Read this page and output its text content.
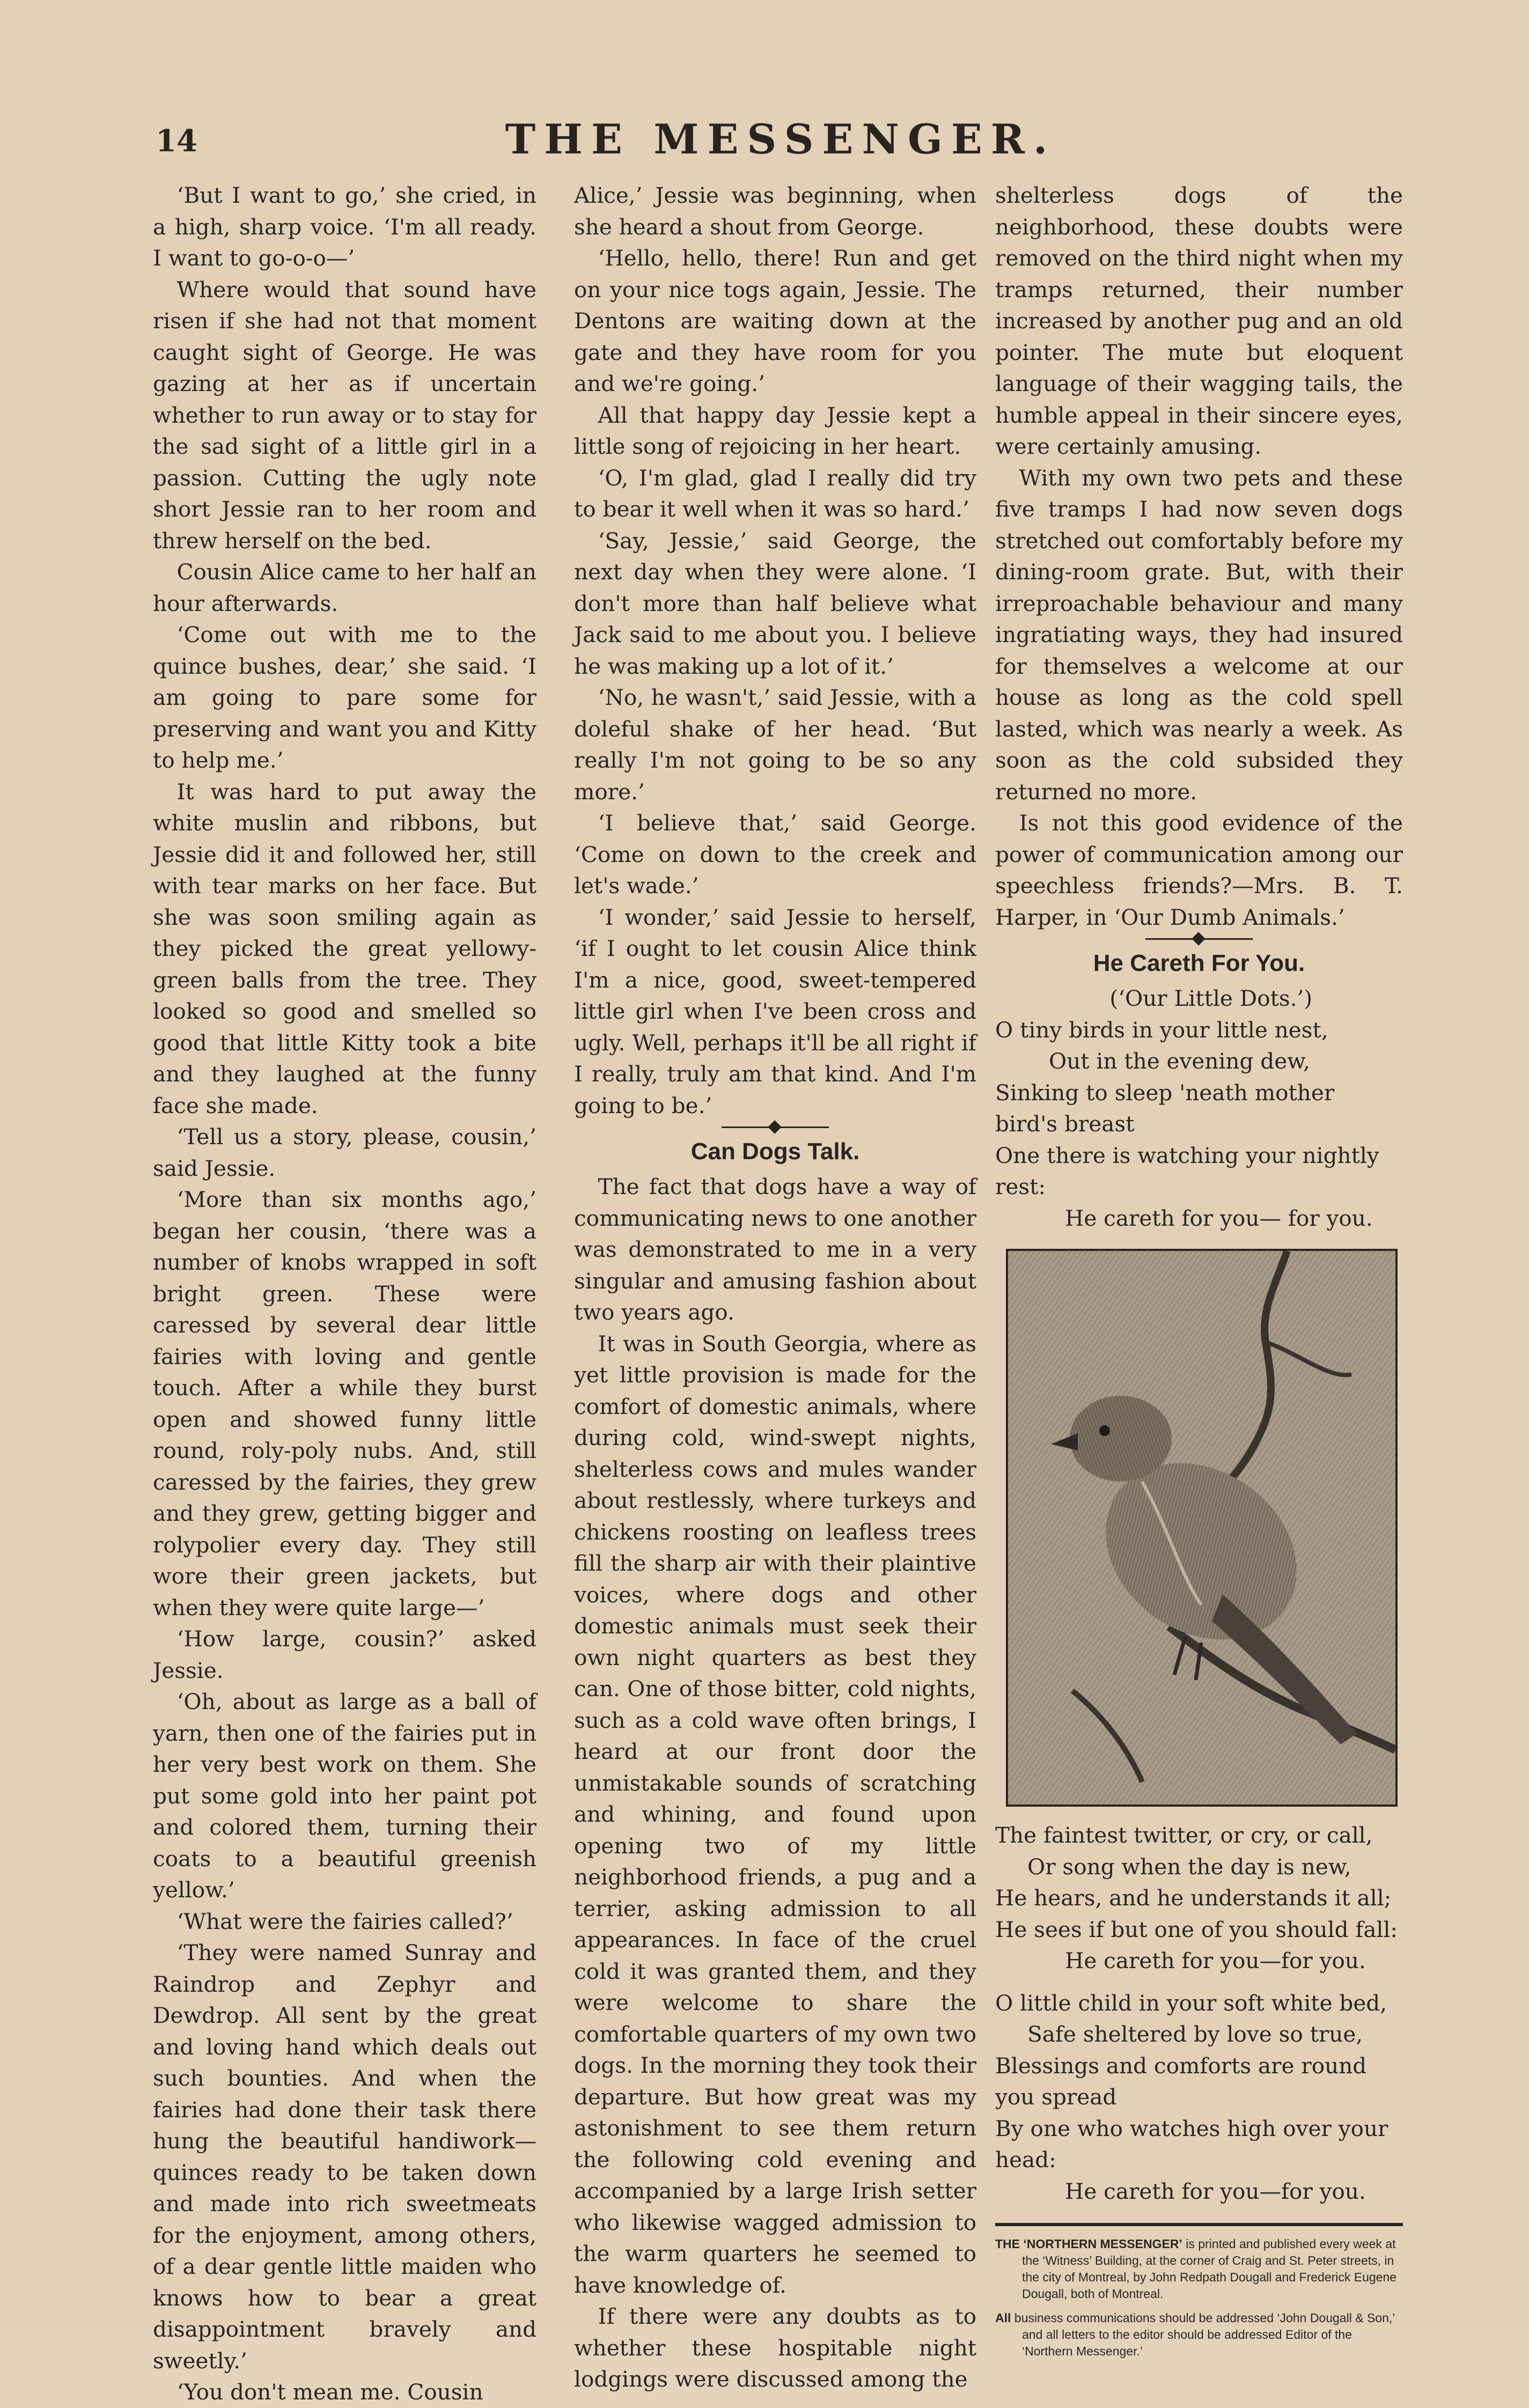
14	THE MESSENGER.

‘But I want to go,’ she cried, in a high, sharp voice. ‘I'm all ready. I want to go-o-o—’

Where would that sound have risen if she had not that moment caught sight of George. He was gazing at her as if uncertain whether to run away or to stay for the sad sight of a little girl in a passion. Cutting the ugly note short Jessie ran to her room and threw herself on the bed.

Cousin Alice came to her half an hour afterwards.

‘Come out with me to the quince bushes, dear,’ she said. ‘I am going to pare some for preserving and want you and Kitty to help me.’

It was hard to put away the white muslin and ribbons, but Jessie did it and followed her, still with tear marks on her face. But she was soon smiling again as they picked the great yellowy-green balls from the tree. They looked so good and smelled so good that little Kitty took a bite and they laughed at the funny face she made.

‘Tell us a story, please, cousin,’ said Jessie.

‘More than six months ago,’ began her cousin, ‘there was a number of knobs wrapped in soft bright green. These were caressed by several dear little fairies with loving and gentle touch. After a while they burst open and showed funny little round, roly-poly nubs. And, still caressed by the fairies, they grew and they grew, getting bigger and rolypolier every day. They still wore their green jackets, but when they were quite large—’

‘How large, cousin?’ asked Jessie.

‘Oh, about as large as a ball of yarn, then one of the fairies put in her very best work on them. She put some gold into her paint pot and colored them, turning their coats to a beautiful greenish yellow.’

‘What were the fairies called?’

‘They were named Sunray and Raindrop and Zephyr and Dewdrop. All sent by the great and loving hand which deals out such bounties. And when the fairies had done their task there hung the beautiful handiwork—quinces ready to be taken down and made into rich sweetmeats for the enjoyment, among others, of a dear gentle little maiden who knows how to bear a great disappointment bravely and sweetly.’

‘You don't mean me. Cousin

Alice,’ Jessie was beginning, when she heard a shout from George.

‘Hello, hello, there! Run and get on your nice togs again, Jessie. The Dentons are waiting down at the gate and they have room for you and we're going.’

All that happy day Jessie kept a little song of rejoicing in her heart.

‘O, I'm glad, glad I really did try to bear it well when it was so hard.’

‘Say, Jessie,’ said George, the next day when they were alone. ‘I don't more than half believe what Jack said to me about you. I believe he was making up a lot of it.’

‘No, he wasn't,’ said Jessie, with a doleful shake of her head. ‘But really I'm not going to be so any more.’

‘I believe that,’ said George. ‘Come on down to the creek and let's wade.’

‘I wonder,’ said Jessie to herself, ‘if I ought to let cousin Alice think I'm a nice, good, sweet-tempered little girl when I've been cross and ugly. Well, perhaps it'll be all right if I really, truly am that kind. And I'm going to be.’

Can Dogs Talk.

The fact that dogs have a way of communicating news to one another was demonstrated to me in a very singular and amusing fashion about two years ago.

It was in South Georgia, where as yet little provision is made for the comfort of domestic animals, where during cold, wind-swept nights, shelterless cows and mules wander about restlessly, where turkeys and chickens roosting on leafless trees fill the sharp air with their plaintive voices, where dogs and other domestic animals must seek their own night quarters as best they can. One of those bitter, cold nights, such as a cold wave often brings, I heard at our front door the unmistakable sounds of scratching and whining, and found upon opening two of my little neighborhood friends, a pug and a terrier, asking admission to all appearances. In face of the cruel cold it was granted them, and they were welcome to share the comfortable quarters of my own two dogs. In the morning they took their departure. But how great was my astonishment to see them return the following cold evening and accompanied by a large Irish setter who likewise wagged admission to the warm quarters he seemed to have knowledge of.

If there were any doubts as to whether these hospitable night lodgings were discussed among the

shelterless dogs of the neighborhood, these doubts were removed on the third night when my tramps returned, their number increased by another pug and an old pointer. The mute but eloquent language of their wagging tails, the humble appeal in their sincere eyes, were certainly amusing.

With my own two pets and these five tramps I had now seven dogs stretched out comfortably before my dining-room grate. But, with their irreproachable behaviour and many ingratiating ways, they had insured for themselves a welcome at our house as long as the cold spell lasted, which was nearly a week. As soon as the cold subsided they returned no more.

Is not this good evidence of the power of communication among our speechless friends?—Mrs. B. T. Harper, in ‘Our Dumb Animals.’

He Careth For You.

(‘Our Little Dots.’)

O tiny birds in your little nest,
Out in the evening dew,
Sinking to sleep 'neath mother bird's breast
One there is watching your nightly rest:
He careth for you— for you.
The faintest twitter, or cry, or call,
Or song when the day is new,
He hears, and he understands it all;
He sees if but one of you should fall:
He careth for you—for you.
O little child in your soft white bed,
Safe sheltered by love so true,
Blessings and comforts are round you spread
By one who watches high over your head:
He careth for you—for you.

THE ‘NORTHERN MESSENGER’ is printed and published every week at the ‘Witness’ Building, at the corner of Craig and St. Peter streets, in the city of Montreal, by John Redpath Dougall and Frederick Eugene Dougall, both of Montreal.

All business communications should be addressed ‘John Dougall & Son,’ and all letters to the editor should be addressed Editor of the ‘Northern Messenger.’
